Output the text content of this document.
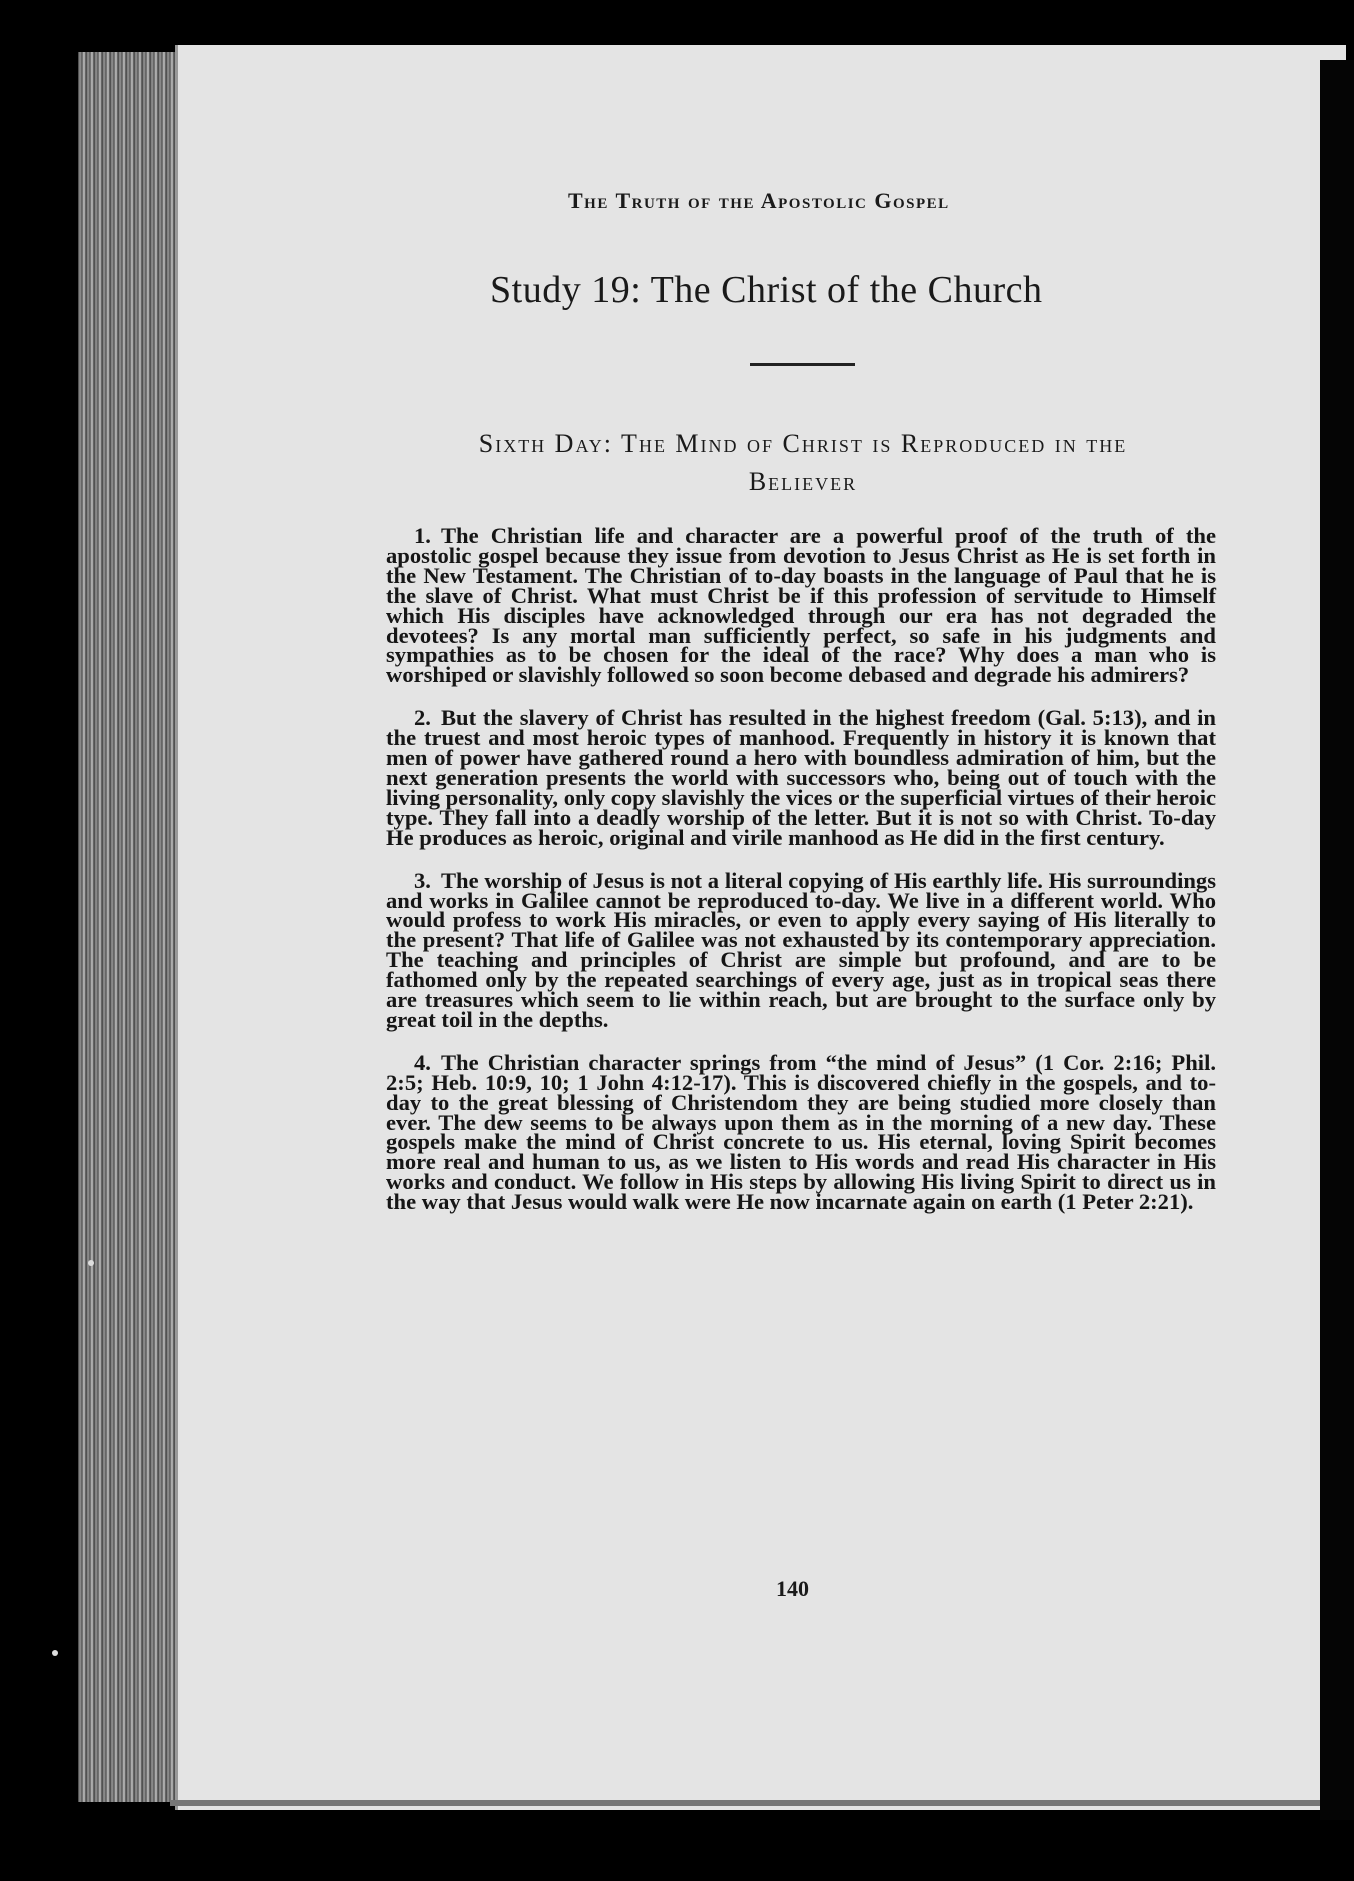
The Truth of the Apostolic Gospel
Study 19: The Christ of the Church
Sixth Day: The Mind of Christ is Reproduced in the
Believer

1. The Christian life and character are a powerful proof of the truth of the apostolic gospel because they issue from devotion to Jesus Christ as He is set forth in the New Testament. The Christian of to-day boasts in the language of Paul that he is the slave of Christ. What must Christ be if this profession of servitude to Himself which His disciples have acknowledged through our era has not degraded the devotees? Is any mortal man sufficiently perfect, so safe in his judgments and sympathies as to be chosen for the ideal of the race? Why does a man who is worshiped or slavishly followed so soon become debased and degrade his admirers?

2. But the slavery of Christ has resulted in the highest freedom (Gal. 5:13), and in the truest and most heroic types of manhood. Frequently in history it is known that men of power have gathered round a hero with boundless admiration of him, but the next generation presents the world with successors who, being out of touch with the living personality, only copy slavishly the vices or the superficial virtues of their heroic type. They fall into a deadly worship of the letter. But it is not so with Christ. To-day He produces as heroic, original and virile manhood as He did in the first century.

3. The worship of Jesus is not a literal copying of His earthly life. His surroundings and works in Galilee cannot be reproduced to-day. We live in a different world. Who would profess to work His miracles, or even to apply every saying of His literally to the present? That life of Galilee was not exhausted by its contemporary appreciation. The teaching and principles of Christ are simple but profound, and are to be fathomed only by the repeated searchings of every age, just as in tropical seas there are treasures which seem to lie within reach, but are brought to the surface only by great toil in the depths.

4. The Christian character springs from “the mind of Jesus” (1 Cor. 2:16; Phil. 2:5; Heb. 10:9, 10; 1 John 4:12-17). This is discovered chiefly in the gospels, and to-day to the great blessing of Christendom they are being studied more closely than ever. The dew seems to be always upon them as in the morning of a new day. These gospels make the mind of Christ concrete to us. His eternal, loving Spirit becomes more real and human to us, as we listen to His words and read His character in His works and conduct. We follow in His steps by allowing His living Spirit to direct us in the way that Jesus would walk were He now incarnate again on earth (1 Peter 2:21).

140
